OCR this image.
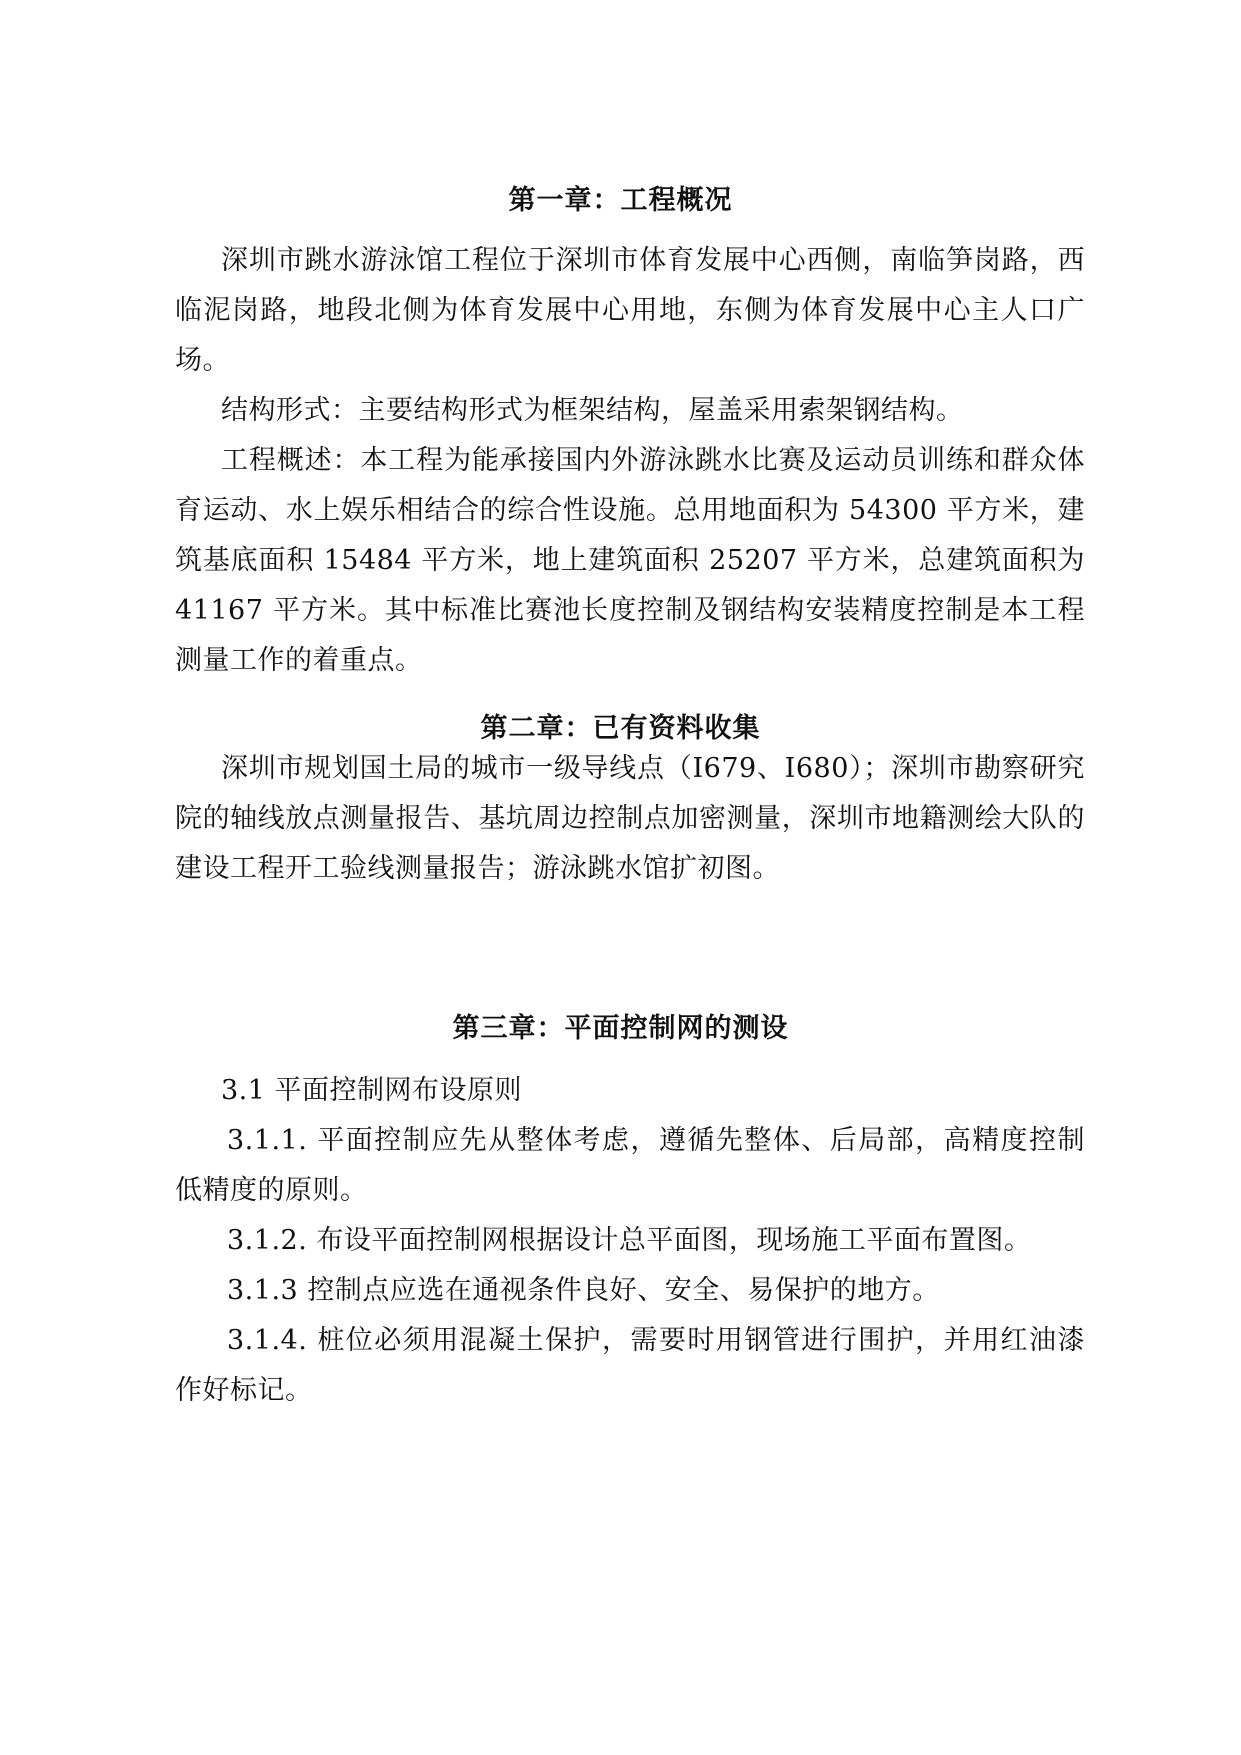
第一章：工程概况
深圳市跳水游泳馆工程位于深圳市体育发展中心西侧，南临笋岗路，西临泥岗路，地段北侧为体育发展中心用地，东侧为体育发展中心主人口广场。
结构形式：主要结构形式为框架结构，屋盖采用索架钢结构。
工程概述：本工程为能承接国内外游泳跳水比赛及运动员训练和群众体育运动、水上娱乐相结合的综合性设施。总用地面积为 54300 平方米，建筑基底面积 15484 平方米，地上建筑面积 25207 平方米，总建筑面积为 41167 平方米。其中标准比赛池长度控制及钢结构安装精度控制是本工程测量工作的着重点。
第二章：已有资料收集
深圳市规划国土局的城市一级导线点（I679、I680）；深圳市勘察研究院的轴线放点测量报告、基坑周边控制点加密测量，深圳市地籍测绘大队的建设工程开工验线测量报告；游泳跳水馆扩初图。
第三章：平面控制网的测设
3.1 平面控制网布设原则
3.1.1. 平面控制应先从整体考虑，遵循先整体、后局部，高精度控制低精度的原则。
3.1.2. 布设平面控制网根据设计总平面图，现场施工平面布置图。
3.1.3 控制点应选在通视条件良好、安全、易保护的地方。
3.1.4. 桩位必须用混凝土保护，需要时用钢管进行围护，并用红油漆作好标记。
